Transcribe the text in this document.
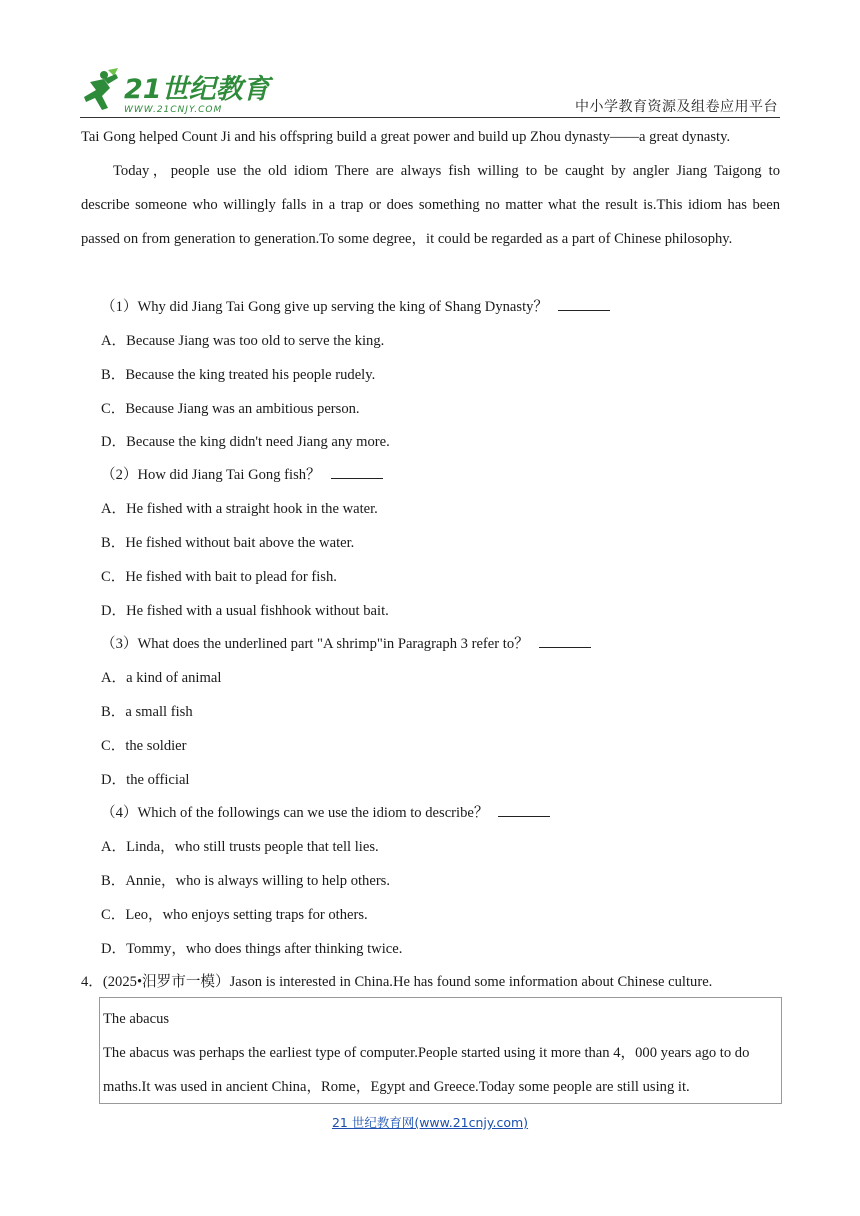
21世纪教育
WWW.21CNJY.COM	中小学教育资源及组卷应用平台
Tai Gong helped Count Ji and his offspring build a great power and build up Zhou dynasty——a great dynasty.
Today，people use the old idiom There are always fish willing to be caught by angler Jiang Taigong to
describe someone who willingly falls in a trap or does something no matter what the result is.This idiom has been
passed on from generation to generation.To some degree，it could be regarded as a part of Chinese philosophy.
（1）Why did Jiang Tai Gong give up serving the king of Shang Dynasty？
A．Because Jiang was too old to serve the king.
B．Because the king treated his people rudely.
C．Because Jiang was an ambitious person.
D．Because the king didn't need Jiang any more.
（2）How did Jiang Tai Gong fish？
A．He fished with a straight hook in the water.
B．He fished without bait above the water.
C．He fished with bait to plead for fish.
D．He fished with a usual fishhook without bait.
（3）What does the underlined part "A shrimp"in Paragraph 3 refer to？
A．a kind of animal
B．a small fish
C．the soldier
D．the official
（4）Which of the followings can we use the idiom to describe？
A．Linda，who still trusts people that tell lies.
B．Annie，who is always willing to help others.
C．Leo，who enjoys setting traps for others.
D．Tommy，who does things after thinking twice.
4．(2025•汨罗市一模）Jason is interested in China.He has found some information about Chinese culture.
The abacus
The abacus was perhaps the earliest type of computer.People started using it more than 4，000 years ago to do
maths.It was used in ancient China，Rome，Egypt and Greece.Today some people are still using it.
21 世纪教育网(www.21cnjy.com)
